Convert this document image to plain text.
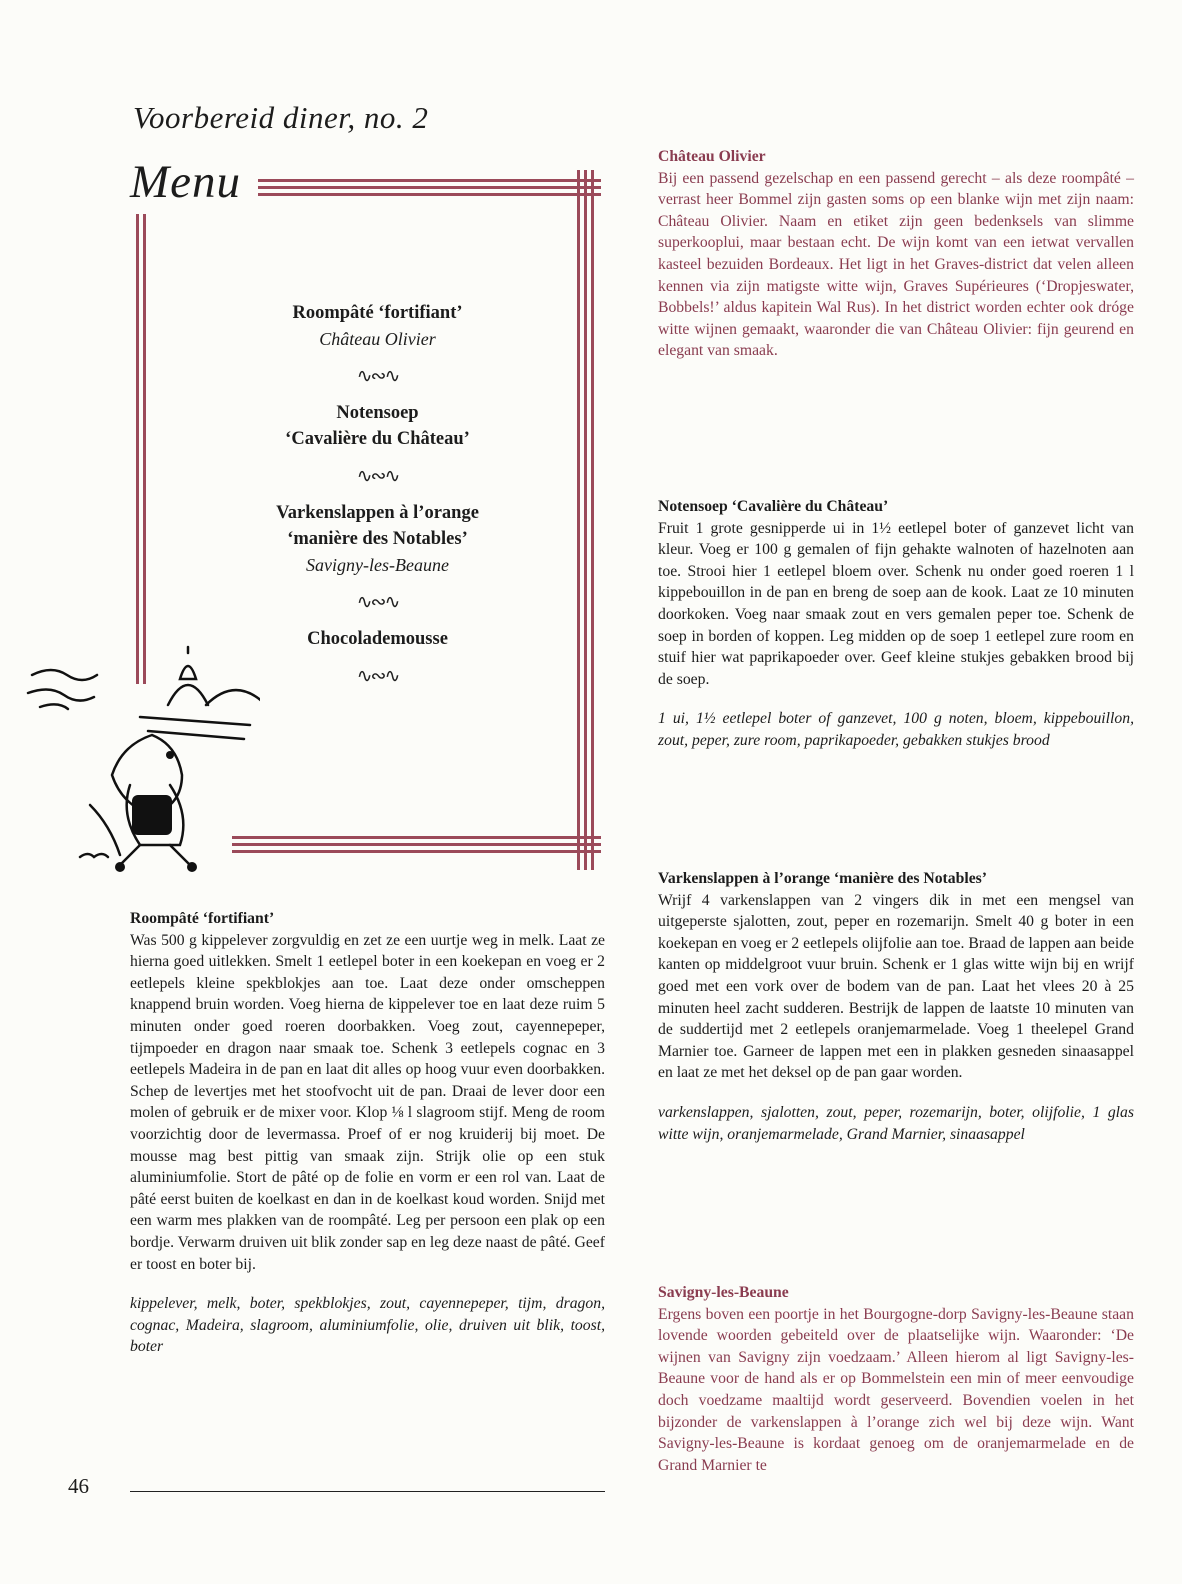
Voorbereid diner, no. 2
Menu
Roompâté ‘fortifiant’
Château Olivier
∿∾∿
Notensoep
‘Cavalière du Château’
∿∾∿
Varkenslappen à l’orange
‘manière des Notables’
Savigny-les-Beaune
∿∾∿
Chocolademousse
∿∾∿
Roompâté ‘fortifiant’

Was 500 g kippelever zorgvuldig en zet ze een uurtje weg in melk. Laat ze hierna goed uitlekken. Smelt 1 eetlepel boter in een koekepan en voeg er 2 eetlepels kleine spekblokjes aan toe. Laat deze onder omscheppen knappend bruin worden. Voeg hierna de kippelever toe en laat deze ruim 5 minuten onder goed roeren doorbakken. Voeg zout, cayennepeper, tijmpoeder en dragon naar smaak toe. Schenk 3 eetlepels cognac en 3 eetlepels Madeira in de pan en laat dit alles op hoog vuur even doorbakken. Schep de levertjes met het stoofvocht uit de pan. Draai de lever door een molen of gebruik er de mixer voor. Klop ⅛ l slagroom stijf. Meng de room voorzichtig door de levermassa. Proef of er nog kruiderij bij moet. De mousse mag best pittig van smaak zijn. Strijk olie op een stuk aluminiumfolie. Stort de pâté op de folie en vorm er een rol van. Laat de pâté eerst buiten de koelkast en dan in de koelkast koud worden. Snijd met een warm mes plakken van de roompâté. Leg per persoon een plak op een bordje. Verwarm druiven uit blik zonder sap en leg deze naast de pâté. Geef er toost en boter bij.

kippelever, melk, boter, spekblokjes, zout, cayennepeper, tijm, dragon, cognac, Madeira, slagroom, aluminiumfolie, olie, druiven uit blik, toost, boter

Château Olivier

Bij een passend gezelschap en een passend gerecht – als deze roompâté – verrast heer Bommel zijn gasten soms op een blanke wijn met zijn naam: Château Olivier. Naam en etiket zijn geen bedenksels van slimme superkooplui, maar bestaan echt. De wijn komt van een ietwat vervallen kasteel bezuiden Bordeaux. Het ligt in het Graves-district dat velen alleen kennen via zijn matigste witte wijn, Graves Supérieures (‘Dropjeswater, Bobbels!’ aldus kapitein Wal Rus). In het district worden echter ook dróge witte wijnen gemaakt, waaronder die van Château Olivier: fijn geurend en elegant van smaak.

Notensoep ‘Cavalière du Château’

Fruit 1 grote gesnipperde ui in 1½ eetlepel boter of ganzevet licht van kleur. Voeg er 100 g gemalen of fijn gehakte walnoten of hazelnoten aan toe. Strooi hier 1 eetlepel bloem over. Schenk nu onder goed roeren 1 l kippebouillon in de pan en breng de soep aan de kook. Laat ze 10 minuten doorkoken. Voeg naar smaak zout en vers gemalen peper toe. Schenk de soep in borden of koppen. Leg midden op de soep 1 eetlepel zure room en stuif hier wat paprikapoeder over. Geef kleine stukjes gebakken brood bij de soep.

1 ui, 1½ eetlepel boter of ganzevet, 100 g noten, bloem, kippebouillon, zout, peper, zure room, paprikapoeder, gebakken stukjes brood

Varkenslappen à l’orange ‘manière des Notables’

Wrijf 4 varkenslappen van 2 vingers dik in met een mengsel van uitgeperste sjalotten, zout, peper en rozemarijn. Smelt 40 g boter in een koekepan en voeg er 2 eetlepels olijfolie aan toe. Braad de lappen aan beide kanten op middelgroot vuur bruin. Schenk er 1 glas witte wijn bij en wrijf goed met een vork over de bodem van de pan. Laat het vlees 20 à 25 minuten heel zacht sudderen. Bestrijk de lappen de laatste 10 minuten van de suddertijd met 2 eetlepels oranjemarmelade. Voeg 1 theelepel Grand Marnier toe. Garneer de lappen met een in plakken gesneden sinaasappel en laat ze met het deksel op de pan gaar worden.

varkenslappen, sjalotten, zout, peper, rozemarijn, boter, olijfolie, 1 glas witte wijn, oranjemarmelade, Grand Marnier, sinaasappel

Savigny-les-Beaune

Ergens boven een poortje in het Bourgogne-dorp Savigny-les-Beaune staan lovende woorden gebeiteld over de plaatselijke wijn. Waaronder: ‘De wijnen van Savigny zijn voedzaam.’ Alleen hierom al ligt Savigny-les-Beaune voor de hand als er op Bommelstein een min of meer eenvoudige doch voedzame maaltijd wordt geserveerd. Bovendien voelen in het bijzonder de varkenslappen à l’orange zich wel bij deze wijn. Want Savigny-les-Beaune is kordaat genoeg om de oranjemarmelade en de Grand Marnier te

46
